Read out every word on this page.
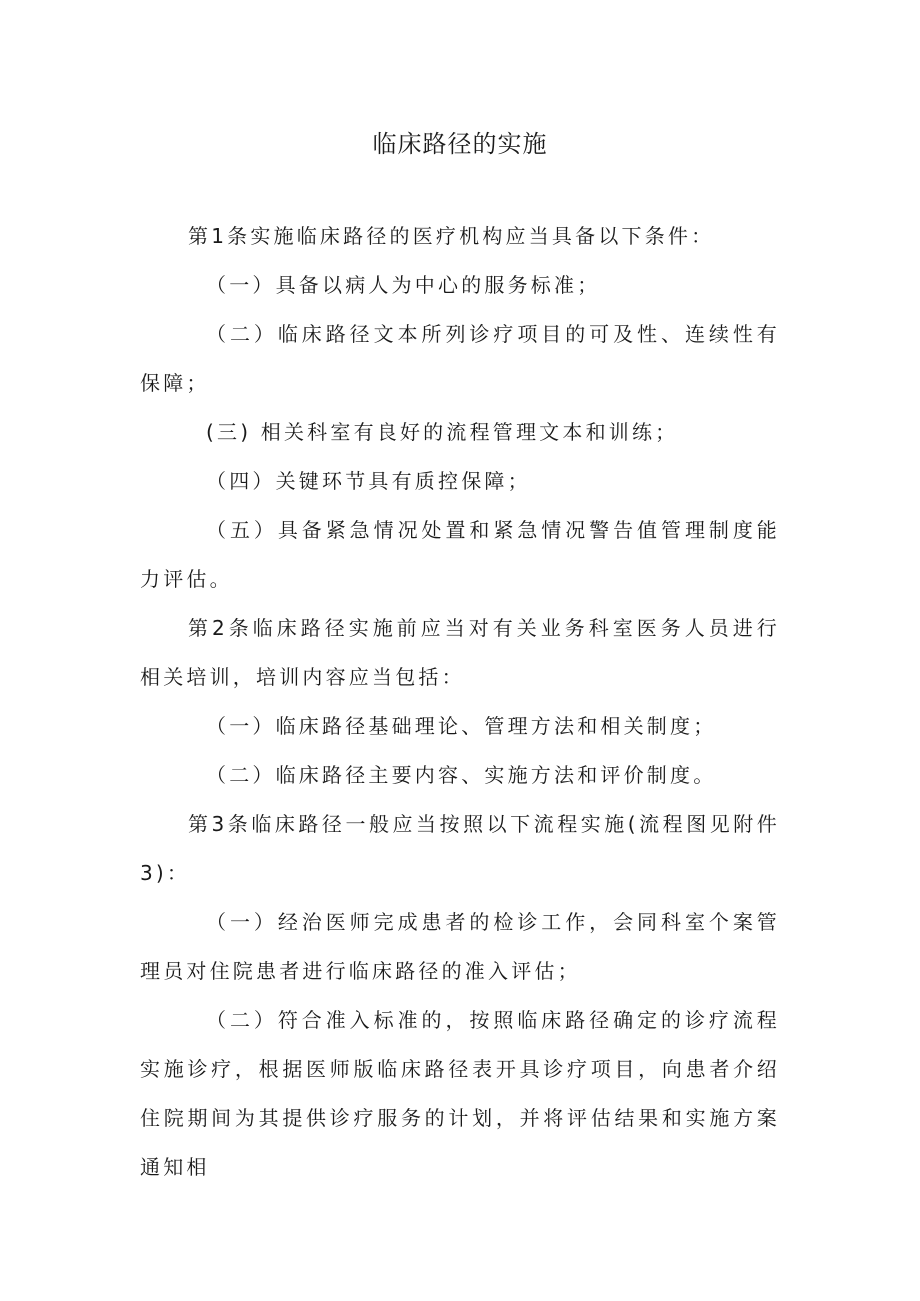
临床路径的实施

第1条实施临床路径的医疗机构应当具备以下条件：

（一）具备以病人为中心的服务标准；

（二）临床路径文本所列诊疗项目的可及性、连续性有保障；

(三) 相关科室有良好的流程管理文本和训练；

（四）关键环节具有质控保障；

（五）具备紧急情况处置和紧急情况警告值管理制度能力评估。

第2条临床路径实施前应当对有关业务科室医务人员进行相关培训，培训内容应当包括：

（一）临床路径基础理论、管理方法和相关制度；

（二）临床路径主要内容、实施方法和评价制度。

第3条临床路径一般应当按照以下流程实施(流程图见附件3)：

（一）经治医师完成患者的检诊工作，会同科室个案管理员对住院患者进行临床路径的准入评估；

（二）符合准入标准的，按照临床路径确定的诊疗流程实施诊疗，根据医师版临床路径表开具诊疗项目，向患者介绍住院期间为其提供诊疗服务的计划，并将评估结果和实施方案通知相
